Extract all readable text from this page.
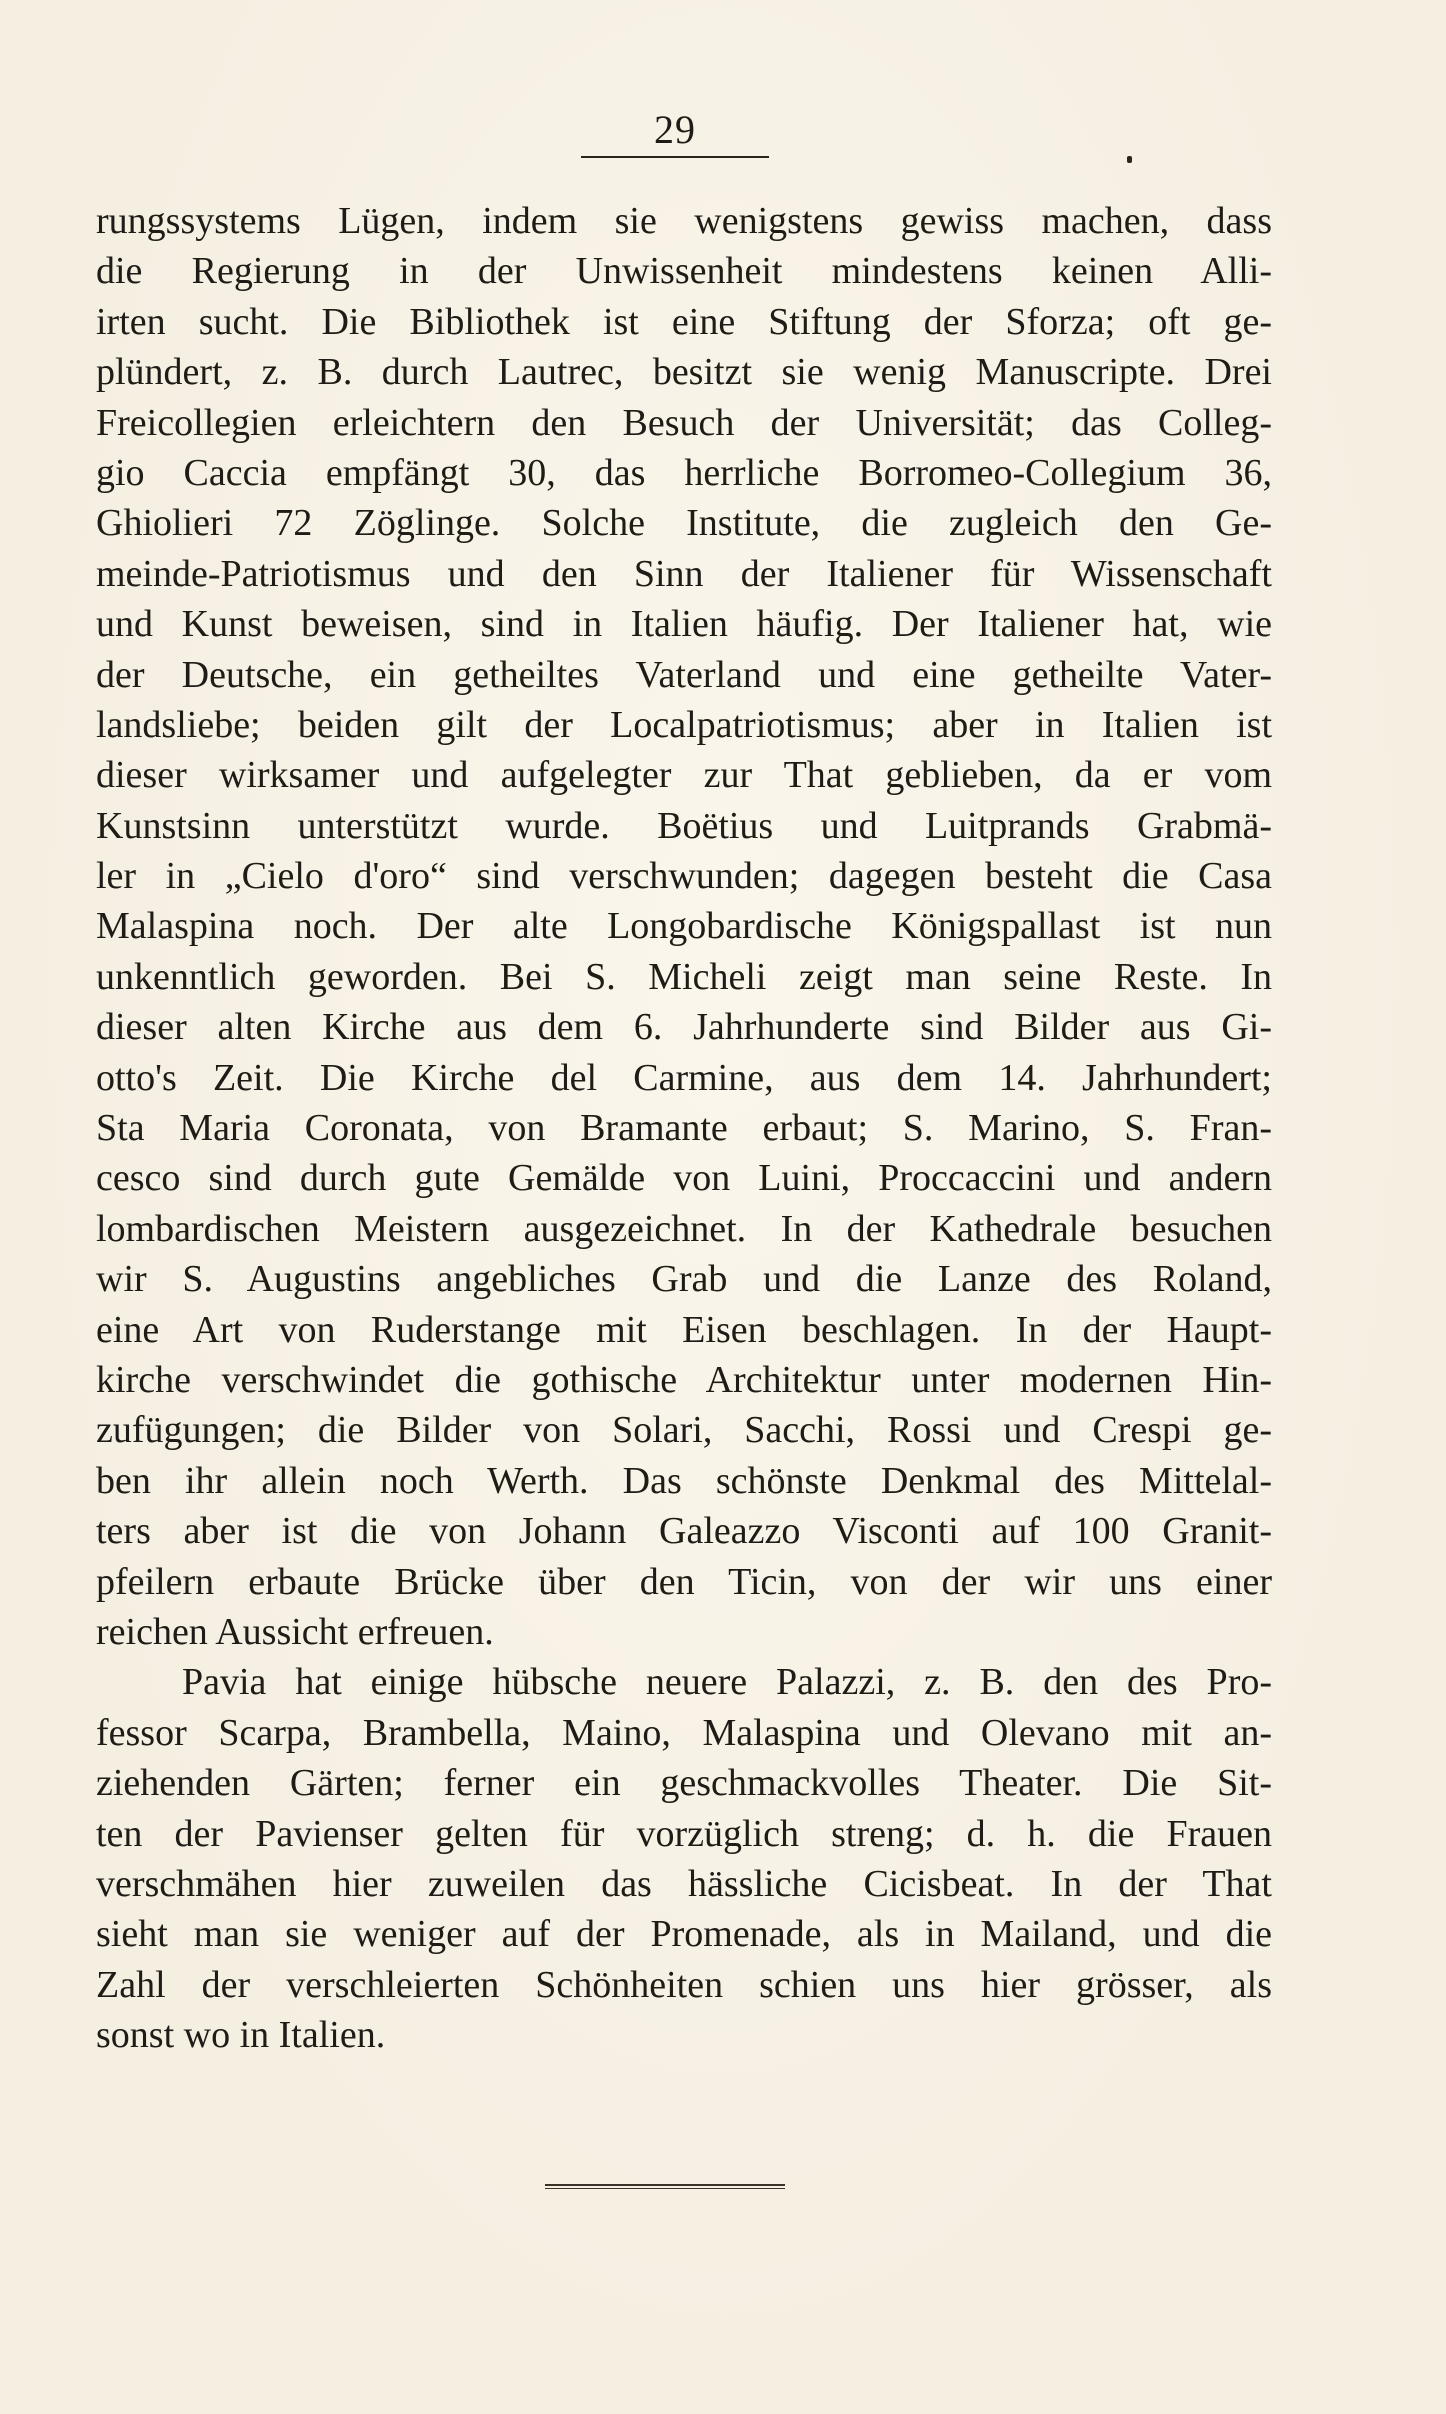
29
rungssystems Lügen, indem sie wenigstens gewiss machen, dass
die Regierung in der Unwissenheit mindestens keinen Alli-
irten sucht. Die Bibliothek ist eine Stiftung der Sforza; oft ge-
plündert, z. B. durch Lautrec, besitzt sie wenig Manuscripte. Drei
Freicollegien erleichtern den Besuch der Universität; das Colleg-
gio Caccia empfängt 30, das herrliche Borromeo-Collegium 36,
Ghiolieri 72 Zöglinge. Solche Institute, die zugleich den Ge-
meinde-Patriotismus und den Sinn der Italiener für Wissenschaft
und Kunst beweisen, sind in Italien häufig. Der Italiener hat, wie
der Deutsche, ein getheiltes Vaterland und eine getheilte Vater-
landsliebe; beiden gilt der Localpatriotismus; aber in Italien ist
dieser wirksamer und aufgelegter zur That geblieben, da er vom
Kunstsinn unterstützt wurde. Boëtius und Luitprands Grabmä-
ler in „Cielo d'oro“ sind verschwunden; dagegen besteht die Casa
Malaspina noch. Der alte Longobardische Königspallast ist nun
unkenntlich geworden. Bei S. Micheli zeigt man seine Reste. In
dieser alten Kirche aus dem 6. Jahrhunderte sind Bilder aus Gi-
otto's Zeit. Die Kirche del Carmine, aus dem 14. Jahrhundert;
Sta Maria Coronata, von Bramante erbaut; S. Marino, S. Fran-
cesco sind durch gute Gemälde von Luini, Proccaccini und andern
lombardischen Meistern ausgezeichnet. In der Kathedrale besuchen
wir S. Augustins angebliches Grab und die Lanze des Roland,
eine Art von Ruderstange mit Eisen beschlagen. In der Haupt-
kirche verschwindet die gothische Architektur unter modernen Hin-
zufügungen; die Bilder von Solari, Sacchi, Rossi und Crespi ge-
ben ihr allein noch Werth. Das schönste Denkmal des Mittelal-
ters aber ist die von Johann Galeazzo Visconti auf 100 Granit-
pfeilern erbaute Brücke über den Ticin, von der wir uns einer
reichen Aussicht erfreuen.
Pavia hat einige hübsche neuere Palazzi, z. B. den des Pro-
fessor Scarpa, Brambella, Maino, Malaspina und Olevano mit an-
ziehenden Gärten; ferner ein geschmackvolles Theater. Die Sit-
ten der Pavienser gelten für vorzüglich streng; d. h. die Frauen
verschmähen hier zuweilen das hässliche Cicisbeat. In der That
sieht man sie weniger auf der Promenade, als in Mailand, und die
Zahl der verschleierten Schönheiten schien uns hier grösser, als
sonst wo in Italien.
